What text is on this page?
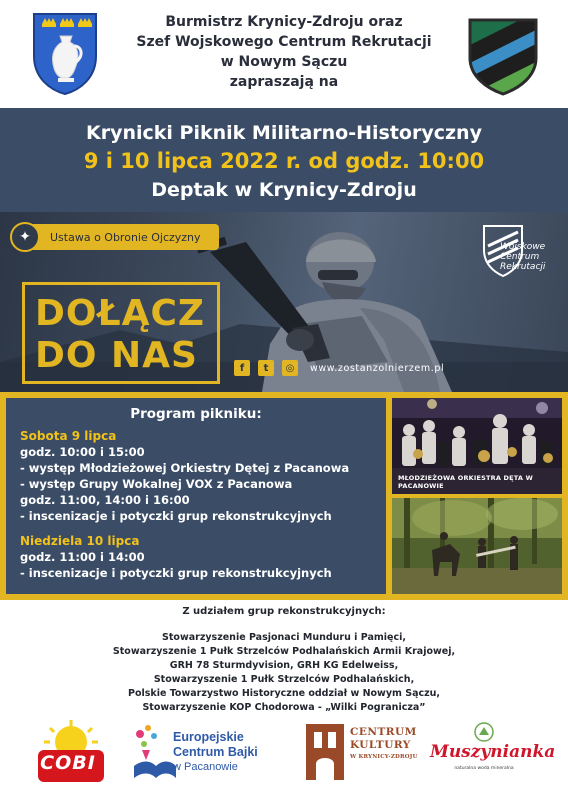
Burmistrz Krynicy-Zdroju oraz
Szef Wojskowego Centrum Rekrutacji
w Nowym Sączu
zapraszają na
Krynicki Piknik Militarno-Historyczny
9 i 10 lipca 2022 r. od godz. 10:00
Deptak w Krynicy-Zdroju
✦	Ustawa o Obronie Ojczyzny
Wojskowe
Centrum
Rekrutacji
DOŁĄCZ
DO NAS	f	t	◎	www.zostanzolnierzem.pl
Program pikniku:
Sobota 9 lipca
godz. 10:00 i 15:00
- występ Młodzieżowej Orkiestry Dętej z Pacanowa
- występ Grupy Wokalnej VOX z Pacanowa
godz. 11:00, 14:00 i 16:00
- inscenizacje i potyczki grup rekonstrukcyjnych
Niedziela 10 lipca
godz. 11:00 i 14:00
- inscenizacje i potyczki grup rekonstrukcyjnych
MŁODZIEŻOWA ORKIESTRA DĘTA W PACANOWIE
Z udziałem grup rekonstrukcyjnych:
Stowarzyszenie Pasjonaci Munduru i Pamięci,
Stowarzyszenie 1 Pułk Strzelców Podhalańskich Armii Krajowej,
GRH 78 Sturmdyvision, GRH KG Edelweiss,
Stowarzyszenie 1 Pułk Strzelców Podhalańskich,
Polskie Towarzystwo Historyczne oddział w Nowym Sączu,
Stowarzyszenie KOP Chodorowa - „Wilki Pogranicza”
COBI
Europejskie
Centrum Bajki
w Pacanowie
CENTRUM
KULTURY
W KRYNICY-ZDROJU Muszynianka
naturalna woda mineralna
